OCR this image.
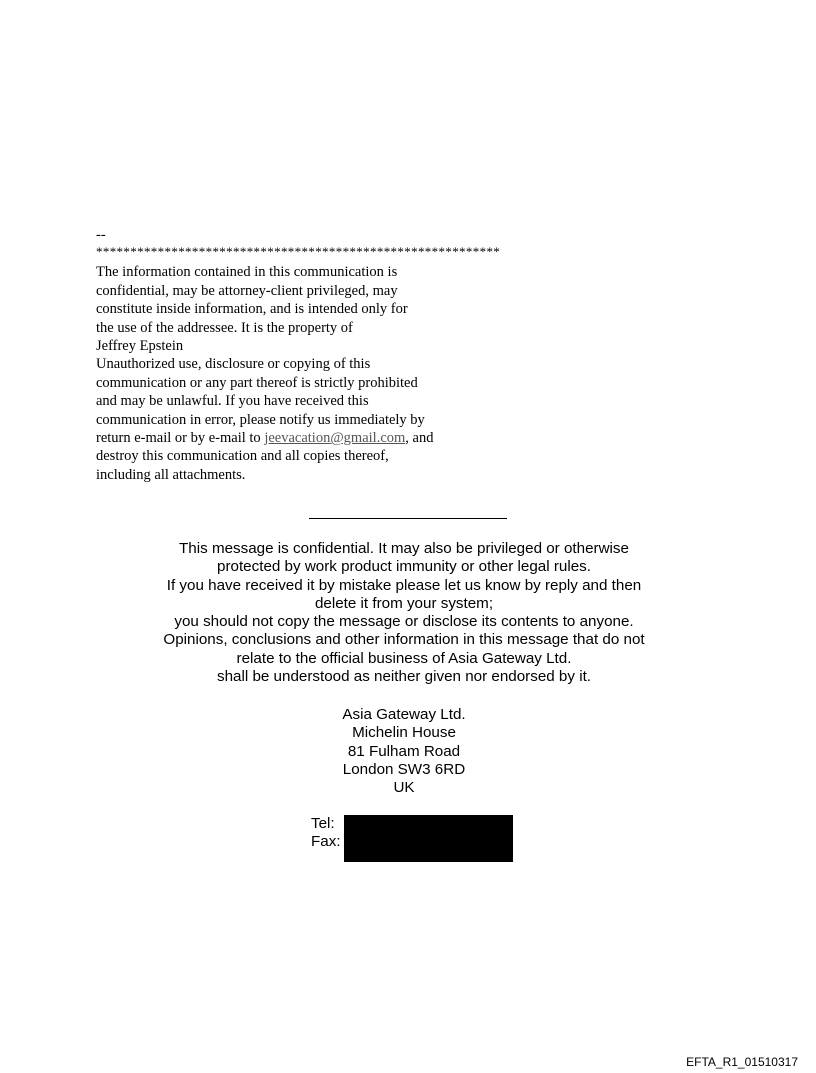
--
***********************************************************
The information contained in this communication is
confidential, may be attorney-client privileged, may
constitute inside information, and is intended only for
the use of the addressee. It is the property of
Jeffrey Epstein
Unauthorized use, disclosure or copying of this
communication or any part thereof is strictly prohibited
and may be unlawful. If you have received this
communication in error, please notify us immediately by
return e-mail or by e-mail to jeevacation@gmail.com, and
destroy this communication and all copies thereof,
including all attachments.
This message is confidential. It may also be privileged or otherwise
protected by work product immunity or other legal rules.
If you have received it by mistake please let us know by reply and then
delete it from your system;
you should not copy the message or disclose its contents to anyone.
Opinions, conclusions and other information in this message that do not
relate to the official business of Asia Gateway Ltd.
shall be understood as neither given nor endorsed by it.
Asia Gateway Ltd.
Michelin House
81 Fulham Road
London SW3 6RD
UK
Tel:
Fax:
EFTA_R1_01510317
